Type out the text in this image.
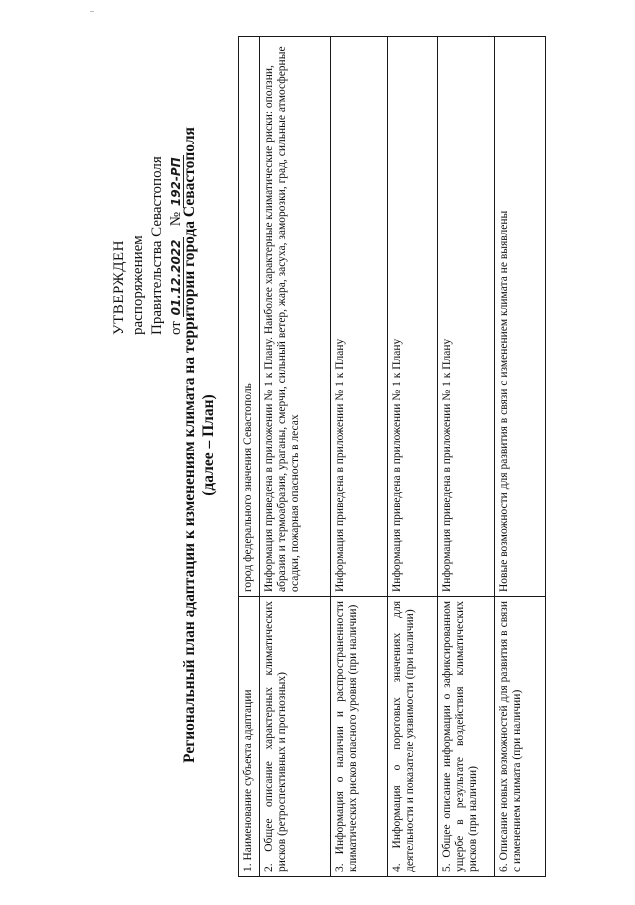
УТВЕРЖДЕН распоряжением Правительства Севастополя от 01.12.2022   № 192-РП
Региональный план адаптации к изменениям климата на территории города Севастополя (далее – План)
1. Наименование субъекта адаптации	город федерального значения Севастополь
2. Общее описание характерных климатических рисков (ретроспективных и прогнозных)	Информация приведена в приложении № 1 к Плану. Наиболее характерные климатические риски: оползни, абразия и термоабразия, ураганы, смерчи, сильный ветер, жара, засуха, заморозки, град, сильные атмосферные осадки, пожарная опасность в лесах
3. Информация о наличии и распространенности климатических рисков опасного уровня (при наличии)	Информация приведена в приложении № 1 к Плану
4. Информация о пороговых значениях для деятельности и показателе уязвимости (при наличии)	Информация приведена в приложении № 1 к Плану
5. Общее описание информации о зафиксированном ущербе в результате воздействия климатических рисков (при наличии)	Информация приведена в приложении № 1 к Плану
6. Описание новых возможностей для развития в связи с изменением климата (при наличии)	Новые возможности для развития в связи с изменением климата не выявлены
